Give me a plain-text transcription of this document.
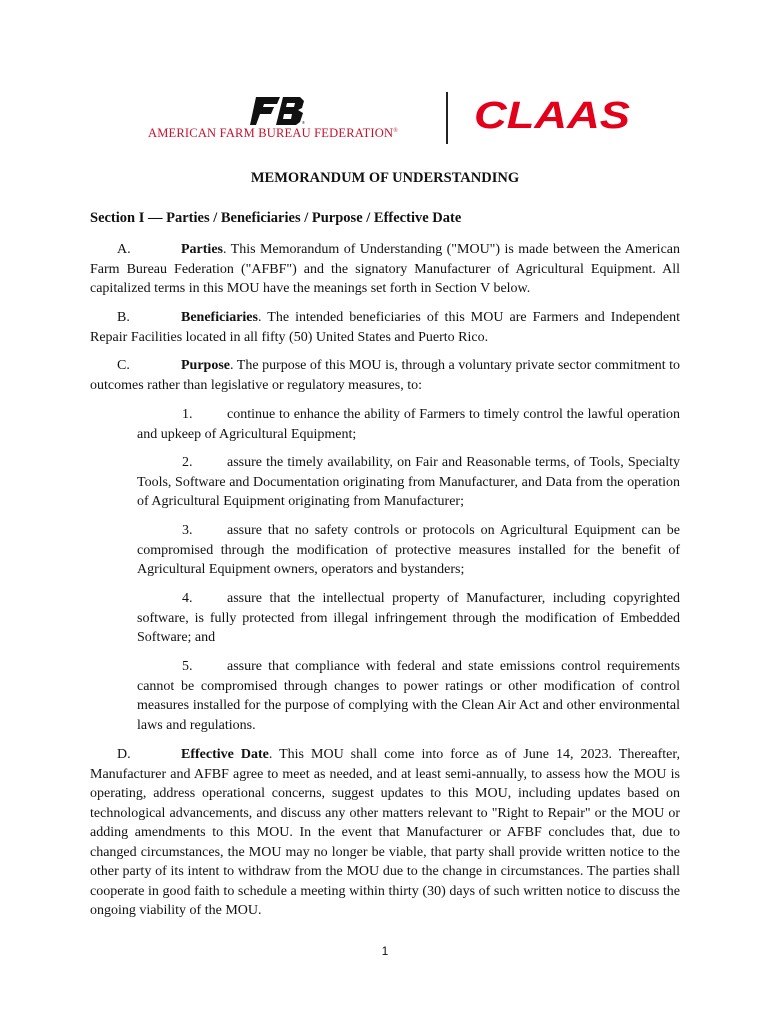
®
AMERICAN FARM BUREAU FEDERATION® CLAAS
MEMORANDUM OF UNDERSTANDING
Section I — Parties / Beneficiaries / Purpose / Effective Date
A.	Parties. This Memorandum of Understanding ("MOU") is made between the American Farm Bureau Federation ("AFBF") and the signatory Manufacturer of Agricultural Equipment. All capitalized terms in this MOU have the meanings set forth in Section V below.
B.	Beneficiaries. The intended beneficiaries of this MOU are Farmers and Independent Repair Facilities located in all fifty (50) United States and Puerto Rico.
C.	Purpose. The purpose of this MOU is, through a voluntary private sector commitment to outcomes rather than legislative or regulatory measures, to:
1. continue to enhance the ability of Farmers to timely control the lawful operation and upkeep of Agricultural Equipment;
2. assure the timely availability, on Fair and Reasonable terms, of Tools, Specialty Tools, Software and Documentation originating from Manufacturer, and Data from the operation of Agricultural Equipment originating from Manufacturer;
3. assure that no safety controls or protocols on Agricultural Equipment can be compromised through the modification of protective measures installed for the benefit of Agricultural Equipment owners, operators and bystanders;
4. assure that the intellectual property of Manufacturer, including copyrighted software, is fully protected from illegal infringement through the modification of Embedded Software; and
5. assure that compliance with federal and state emissions control requirements cannot be compromised through changes to power ratings or other modification of control measures installed for the purpose of complying with the Clean Air Act and other environmental laws and regulations.
D.	Effective Date. This MOU shall come into force as of June 14, 2023. Thereafter, Manufacturer and AFBF agree to meet as needed, and at least semi-annually, to assess how the MOU is operating, address operational concerns, suggest updates to this MOU, including updates based on technological advancements, and discuss any other matters relevant to "Right to Repair" or the MOU or adding amendments to this MOU. In the event that Manufacturer or AFBF concludes that, due to changed circumstances, the MOU may no longer be viable, that party shall provide written notice to the other party of its intent to withdraw from the MOU due to the change in circumstances. The parties shall cooperate in good faith to schedule a meeting within thirty (30) days of such written notice to discuss the ongoing viability of the MOU.
1
